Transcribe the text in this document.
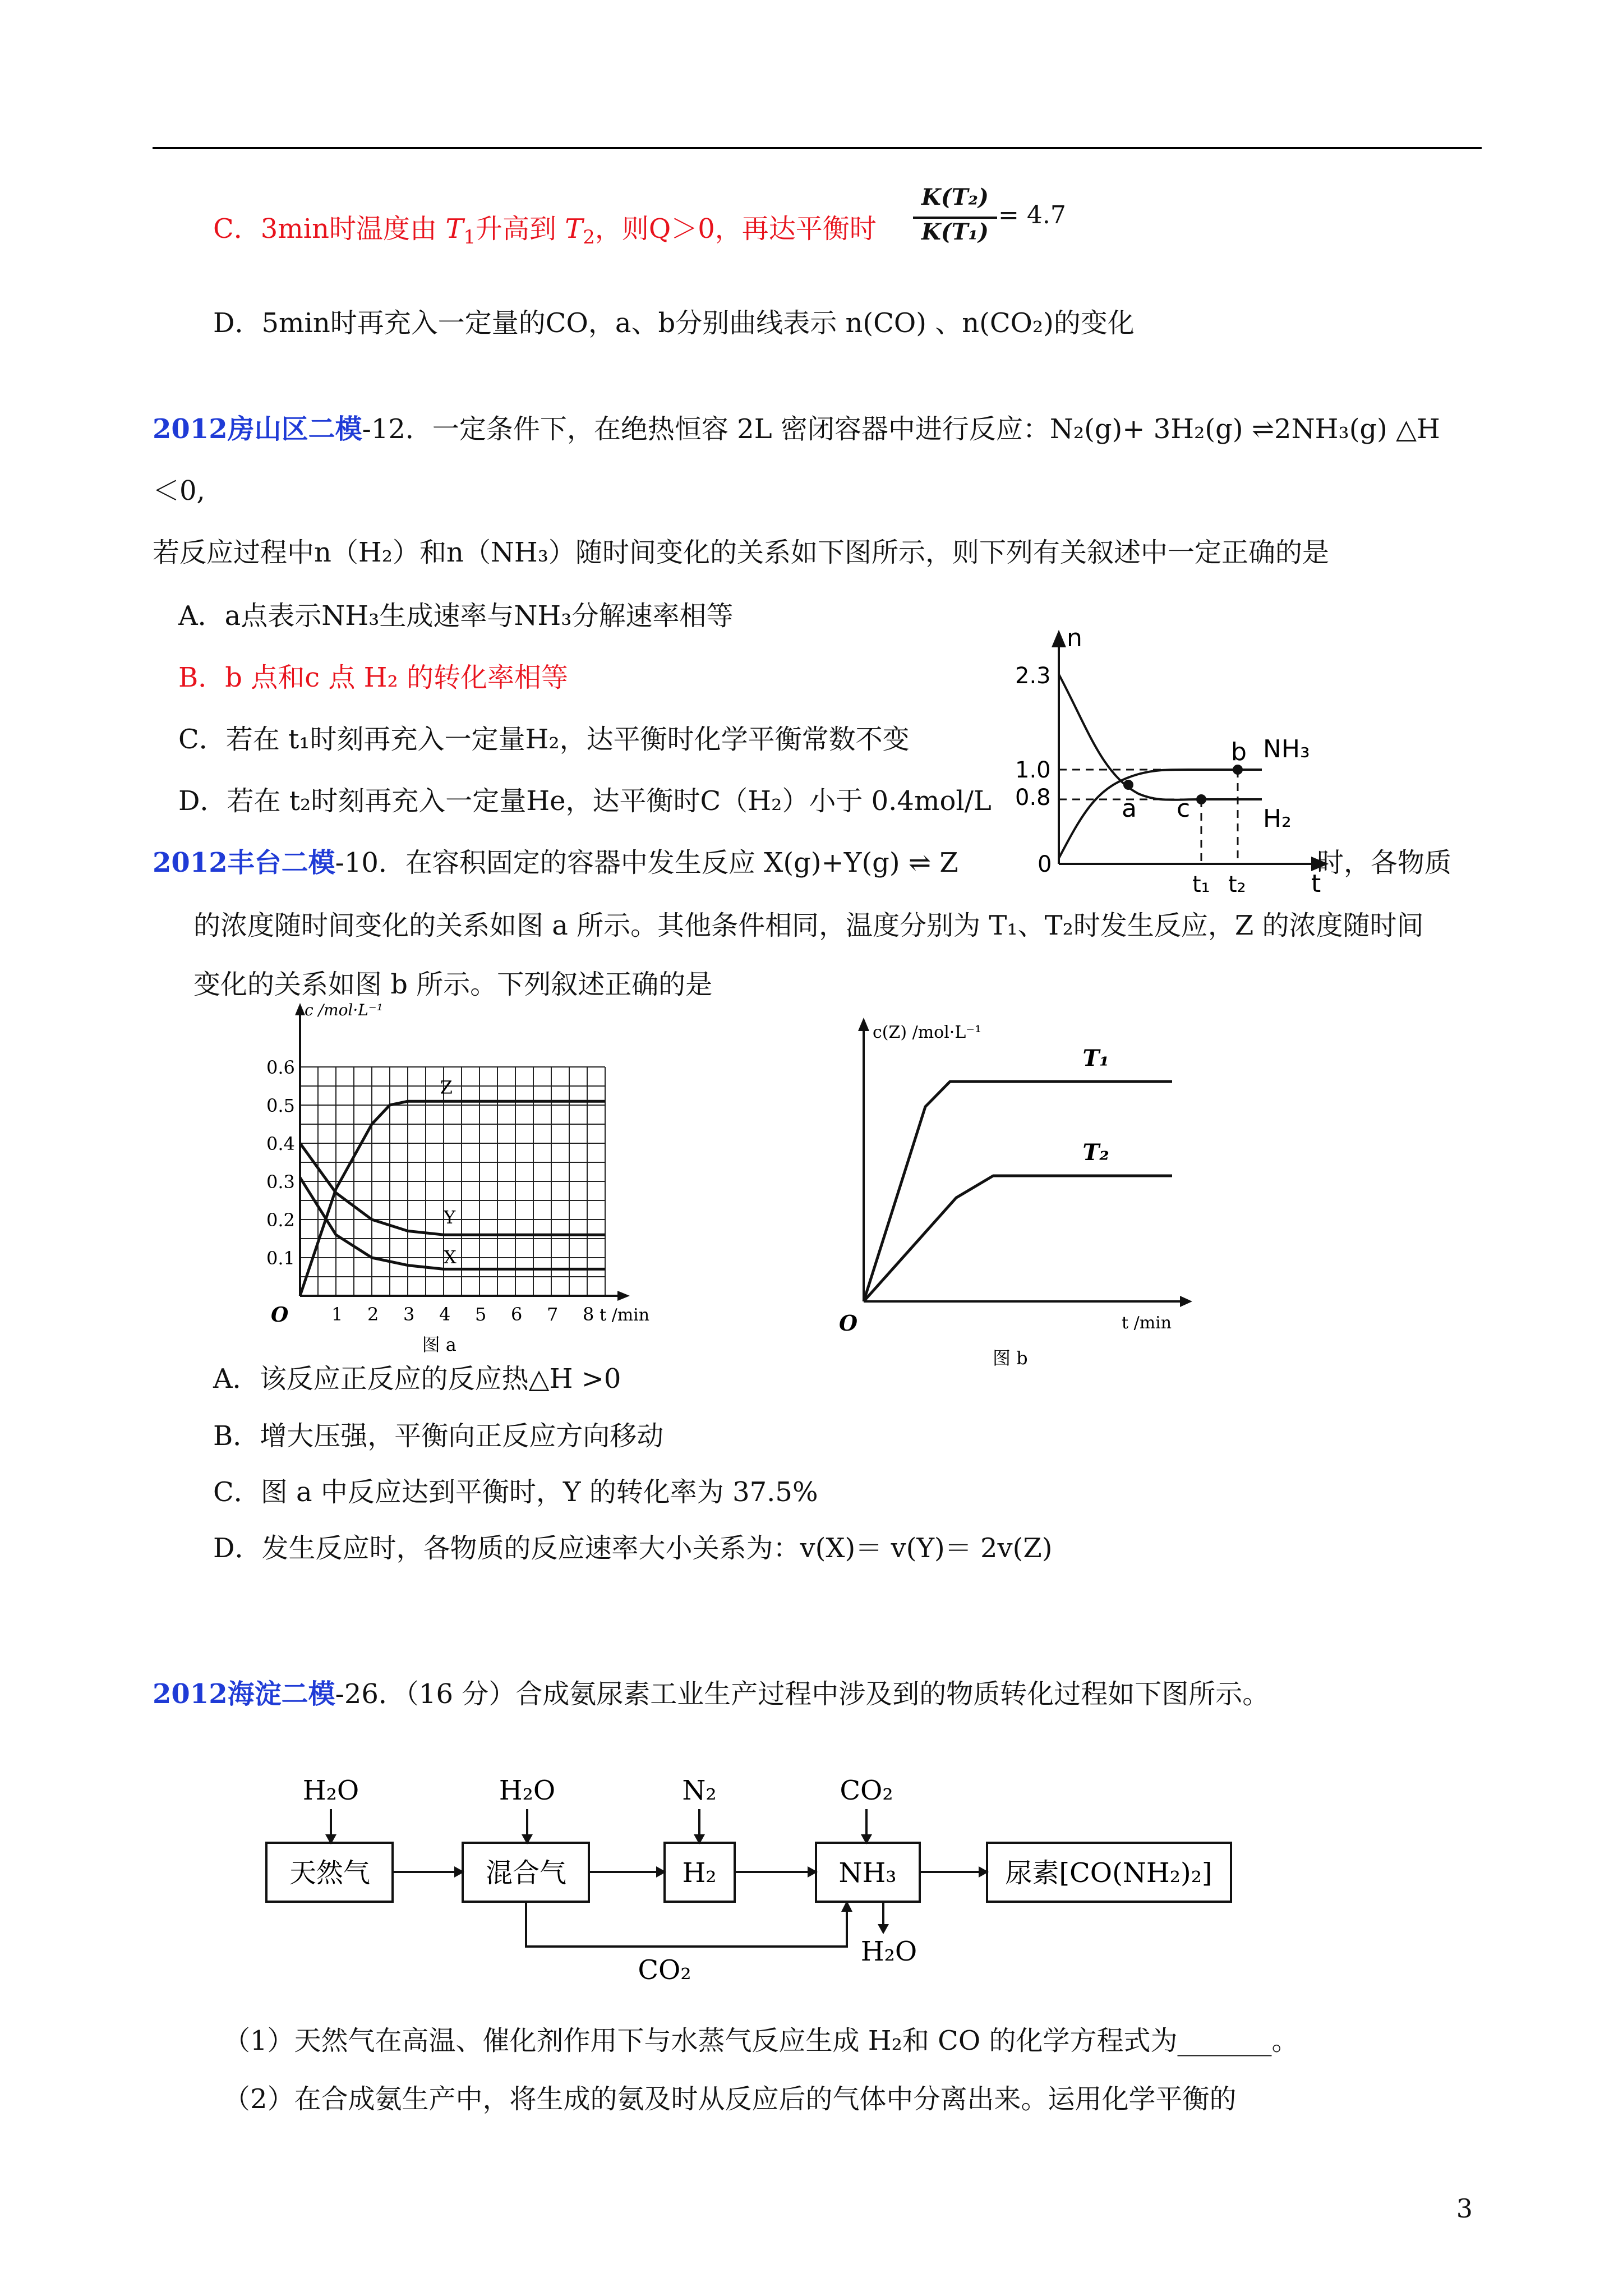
C．3min时温度由 $T_1$升高到 $T_2$，则Q＞0，再达平衡时
K(T₂)
K(T₁)
= 4.7
D．5min时再充入一定量的CO，a、b分别曲线表示 n(CO) 、n(CO₂)的变化
2012房山区二模-12．一定条件下，在绝热恒容 2L 密闭容器中进行反应：N₂(g)+ 3H₂(g) ⇌2NH₃(g) △H
＜0,
若反应过程中n（H₂）和n（NH₃）随时间变化的关系如下图所示，则下列有关叙述中一定正确的是
A．a点表示NH₃生成速率与NH₃分解速率相等
B．b 点和c 点 H₂ 的转化率相等
C．若在 t₁时刻再充入一定量H₂，达平衡时化学平衡常数不变
D．若在 t₂时刻再充入一定量He，达平衡时C（H₂）小于 0.4mol/L
n
t
2.3
1.0
0.8
0
t₁ t₂
a
b
c
NH₃
H₂
2012丰台二模-10．在容积固定的容器中发生反应 X(g)+Y(g) ⇌ Z	时，各物质
的浓度随时间变化的关系如图 a 所示。其他条件相同，温度分别为 T₁、T₂时发生反应，Z 的浓度随时间
变化的关系如图 b 所示。下列叙述正确的是
0.1
0.2
0.3
0.4
0.5
0.6
1 2 3 4 5 6 7 8
O
c /mol·L⁻¹
t /min
图 a
Z
Y
X
c(Z) /mol·L⁻¹
t /min
O
图 b
T₁
T₂
A．该反应正反应的反应热△H >0
B．增大压强，平衡向正反应方向移动
C．图 a 中反应达到平衡时，Y 的转化率为 37.5%
D．发生反应时，各物质的反应速率大小关系为：v(X)＝ v(Y)＝ 2v(Z)
2012海淀二模-26．（16 分）合成氨尿素工业生产过程中涉及到的物质转化过程如下图所示。
天然气	混合气	H₂	NH₃	尿素[CO(NH₂)₂]
H₂O	H₂O	N₂	CO₂
CO₂
H₂O
（1）天然气在高温、催化剂作用下与水蒸气反应生成 H₂和 CO 的化学方程式为_______。
（2）在合成氨生产中，将生成的氨及时从反应后的气体中分离出来。运用化学平衡的
3
